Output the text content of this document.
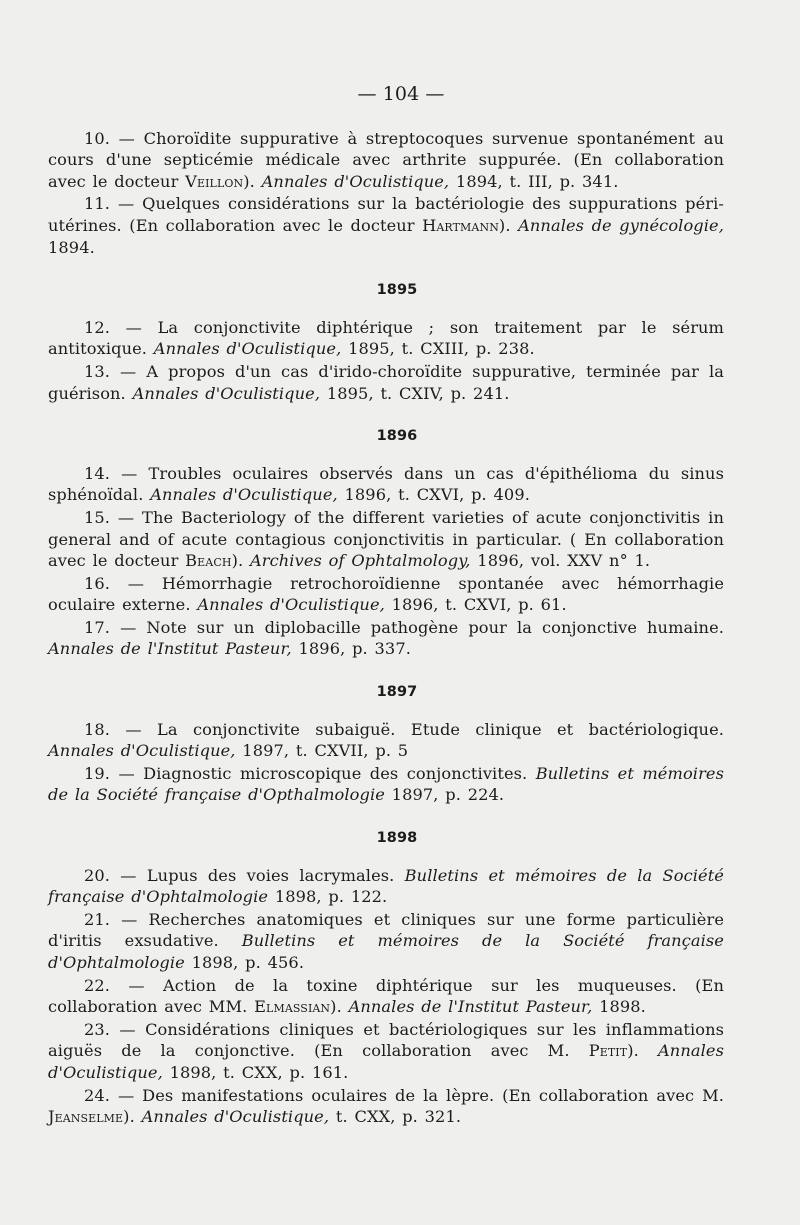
— 104 —

10. — Choroïdite suppurative à streptocoques survenue spontanément au cours d'une septicémie médicale avec arthrite suppurée. (En collaboration avec le docteur Veillon). Annales d'Oculistique, 1894, t. III, p. 341.

11. — Quelques considérations sur la bactériologie des suppurations péri-utérines. (En collaboration avec le docteur Hartmann). Annales de gynécologie, 1894.

1895

12. — La conjonctivite diphtérique ; son traitement par le sérum antitoxique. Annales d'Oculistique, 1895, t. CXIII, p. 238.

13. — A propos d'un cas d'irido-choroïdite suppurative, terminée par la guérison. Annales d'Oculistique, 1895, t. CXIV, p. 241.

1896

14. — Troubles oculaires observés dans un cas d'épithélioma du sinus sphénoïdal. Annales d'Oculistique, 1896, t. CXVI, p. 409.

15. — The Bacteriology of the different varieties of acute conjonctivitis in general and of acute contagious conjonctivitis in particular. ( En collaboration avec le docteur Beach). Archives of Ophtalmology, 1896, vol. XXV n° 1.

16. — Hémorrhagie retrochoroïdienne spontanée avec hémorrhagie oculaire externe. Annales d'Oculistique, 1896, t. CXVI, p. 61.

17. — Note sur un diplobacille pathogène pour la conjonctive humaine. Annales de l'Institut Pasteur, 1896, p. 337.

1897

18. — La conjonctivite subaiguë. Etude clinique et bactériologique. Annales d'Oculistique, 1897, t. CXVII, p. 5

19. — Diagnostic microscopique des conjonctivites. Bulletins et mémoires de la Société française d'Opthalmologie 1897, p. 224.

1898

20. — Lupus des voies lacrymales. Bulletins et mémoires de la Société française d'Ophtalmologie 1898, p. 122.

21. — Recherches anatomiques et cliniques sur une forme particulière d'iritis exsudative. Bulletins et mémoires de la Société française d'Ophtalmologie 1898, p. 456.

22. — Action de la toxine diphtérique sur les muqueuses. (En collaboration avec MM. Elmassian). Annales de l'Institut Pasteur, 1898.

23. — Considérations cliniques et bactériologiques sur les inflammations aiguës de la conjonctive. (En collaboration avec M. Petit). Annales d'Oculistique, 1898, t. CXX, p. 161.

24. — Des manifestations oculaires de la lèpre. (En collaboration avec M. Jeanselme). Annales d'Oculistique, t. CXX, p. 321.
